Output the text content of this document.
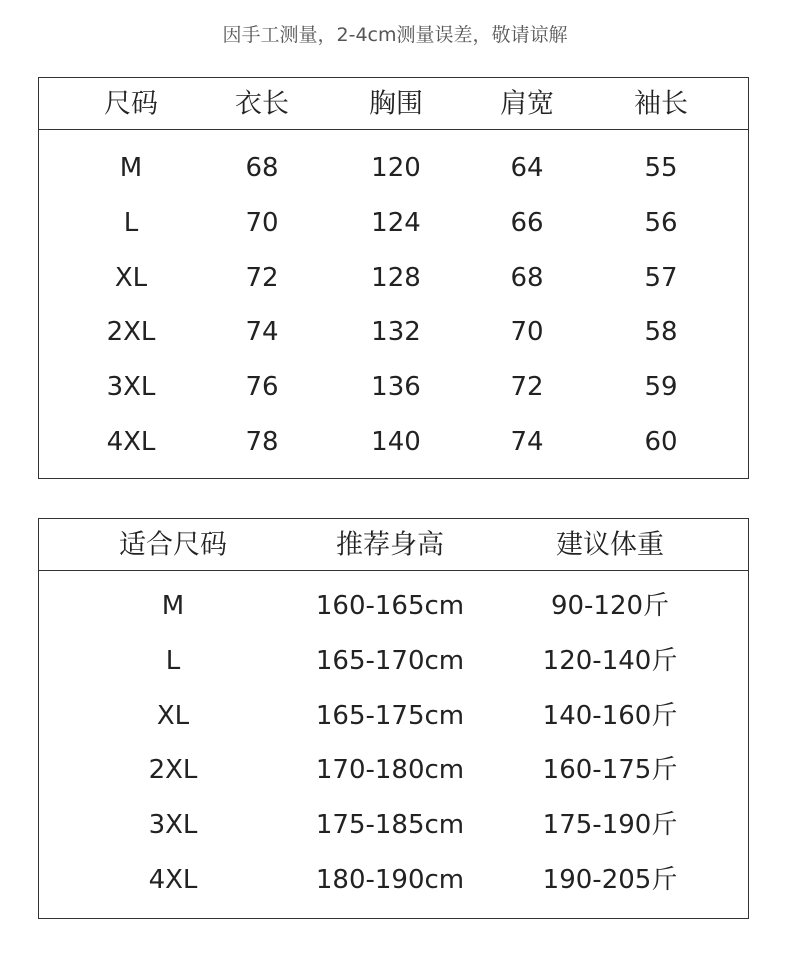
因手工测量，2-4cm测量误差，敬请谅解
尺码	衣长	胸围	肩宽	袖长
M	68	120	64	55
L	70	124	66	56
XL	72	128	68	57
2XL	74	132	70	58
3XL	76	136	72	59
4XL	78	140	74	60
适合尺码	推荐身高	建议体重
M	160-165cm	90-120斤
L	165-170cm	120-140斤
XL	165-175cm	140-160斤
2XL	170-180cm	160-175斤
3XL	175-185cm	175-190斤
4XL	180-190cm	190-205斤
